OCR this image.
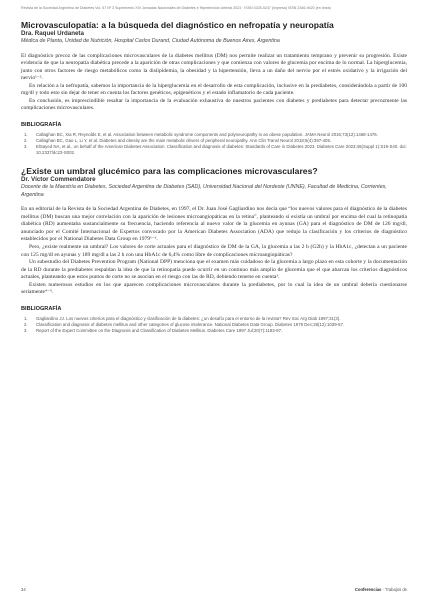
Revista de la Sociedad Argentina de Diabetes Vol. 57 Nº 3 Suplemento XIV Jornadas Nacionales de Diabetes e Hipertensión Arterial 2023 · ISSN 0325-5247 (impresa) ISSN 2346-9420 (en línea)
Microvasculopatía: a la búsqueda del diagnóstico en nefropatía y neuropatía
Dra. Raquel Urdaneta
Médica de Planta, Unidad de Nutrición, Hospital Carlos Durand, Ciudad Autónoma de Buenos Aires, Argentina

El diagnóstico precoz de las complicaciones microvasculares de la diabetes mellitus (DM) nos permite realizar un tratamiento temprano y prevenir su progresión. Existe evidencia de que la neuropatía diabética precede a la aparición de otras complicaciones y que comienza con valores de glucemia por encima de lo normal. La hiperglucemia, junto con otros factores de riesgo metabólicos como la dislipidemia, la obesidad y la hipertensión, lleva a un daño del nervio por el estrés oxidativo y la irrigación del nervio¹⁻².

En relación a la nefropatía, sabemos la importancia de la hiperglucemia en el desarrollo de esta complicación, inclusive en la prediabetes, considerándola a partir de 100 mg/dl y todo esto sin dejar de tener en cuenta los factores genéticos, epigenéticos y el estado inflamatorio de cada paciente.

En conclusión, es imprescindible resaltar la importancia de la evaluación exhaustiva de nuestros pacientes con diabetes y prediabetes para detectar precozmente las complicaciones microvasculares.

BIBLIOGRAFÍA
1.	Callaghan BC, Xia R, Reynolds E, et al. Association between metabolic syndrome components and polyneuropathy in an obese population. JAMA Neurol 2016;73(12):1468-1476.
2.	Callaghan BC, Gao L, Li Y, et al. Diabetes and obesity are the main metabolic drivers of peripheral neuropathy. Ann Clin Transl Neurol 2018;5(4):397-405.
3.	ElSayed NA, et al., on behalf of the American Diabetes Association. Classification and diagnosis of diabetes: Standards of Care in Diabetes 2023. Diabetes Care 2023;46(Suppl 1):S19-S40. doi: 10.2337/dc23-S002.
¿Existe un umbral glucémico para las complicaciones microvasculares?
Dr. Víctor Commendatore
Docente de la Maestría en Diabetes, Sociedad Argentina de Diabetes (SAD), Universidad Nacional del Nordeste (UNNE), Facultad de Medicina, Corrientes, Argentina

En un editorial de la Revista de la Sociedad Argentina de Diabetes, en 1997, el Dr. Juan José Gagliardino nos decía que “los nuevos valores para el diagnóstico de la diabetes mellitus (DM) buscan una mejor correlación con la aparición de lesiones microangiopáticas en la retina”, planteando si existía un umbral por encima del cual la retinopatía diabética (RD) aumentaba sustancialmente su frecuencia, haciendo referencia al nuevo valor de la glucemia en ayunas (GA) para el diagnóstico de DM de 126 mg/dl, anunciado por el Comité Internacional de Expertos convocado por la American Diabetes Association (ADA) que redujo la clasificación y los criterios de diagnóstico establecidos por el National Diabetes Data Group en 1979¹⁻².

Pero, ¿existe realmente un umbral? Los valores de corte actuales para el diagnóstico de DM de la GA, la glucemia a las 2 h (G2h) y la HbA1c, ¿detectan a un paciente con 125 mg/dl en ayunas y 189 mg/dl a las 2 h con una HbA1c de 6,4% como libre de complicaciones microangiopáticas?

Un subestudio del Diabetes Prevention Program (National DPP) menciona que el examen más cuidadoso de la glucemia a largo plazo en esta cohorte y la documentación de la RD durante la prediabetes respaldan la idea de que la retinopatía puede ocurrir en un continuo más amplio de glucemia que el que abarcan los criterios diagnósticos actuales, planteando que estos puntos de corte no se asocian en el riesgo con las de RD, debiendo tenerse en cuenta³.

Existen numerosos estudios en los que aparecen complicaciones microvasculares durante la prediabetes, por lo cual la idea de un umbral debería cuestionarse seriamente⁴⁻⁵.

BIBLIOGRAFÍA
1.	Gagliardino JJ. Los nuevos criterios para el diagnóstico y clasificación de la diabetes: ¿un desafío para el entorno de la revista? Rev Soc Arg Diab 1997;31(3).
2.	Classification and diagnosis of diabetes mellitus and other categories of glucose intolerance. National Diabetes Data Group. Diabetes 1979 Dec;28(12):1039-57.
3.	Report of the Expert Committee on the Diagnosis and Classification of Diabetes Mellitus. Diabetes Care 1997 Jul;20(7):1183-97.
34	Conferencias · Trabajos de
